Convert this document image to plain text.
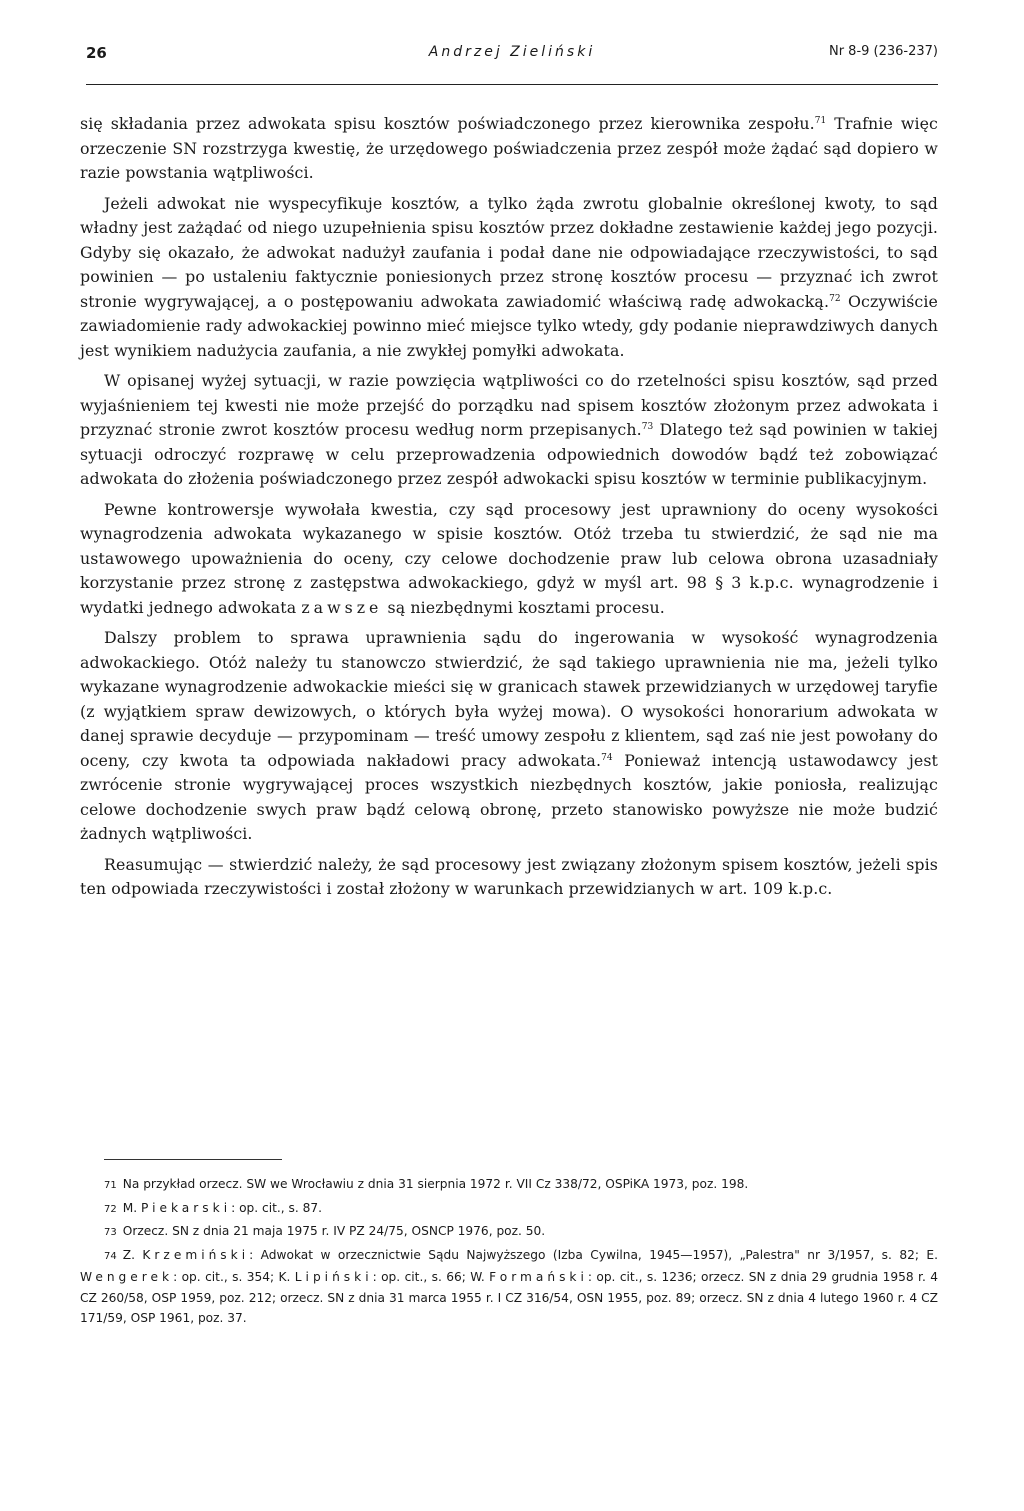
26	Andrzej Zieliński	Nr 8-9 (236-237)

się składania przez adwokata spisu kosztów poświadczonego przez kierownika zespołu.$^{71}$ Trafnie więc orzeczenie SN rozstrzyga kwestię, że urzędowego poświadczenia przez zespół może żądać sąd dopiero w razie powstania wątpliwości.

Jeżeli adwokat nie wyspecyfikuje kosztów, a tylko żąda zwrotu globalnie określonej kwoty, to sąd władny jest zażądać od niego uzupełnienia spisu kosztów przez dokładne zestawienie każdej jego pozycji. Gdyby się okazało, że adwokat nadużył zaufania i podał dane nie odpowiadające rzeczywistości, to sąd powinien — po ustaleniu faktycznie poniesionych przez stronę kosztów procesu — przyznać ich zwrot stronie wygrywającej, a o postępowaniu adwokata zawiadomić właściwą radę adwokacką.$^{72}$ Oczywiście zawiadomienie rady adwokackiej powinno mieć miejsce tylko wtedy, gdy podanie nieprawdziwych danych jest wynikiem nadużycia zaufania, a nie zwykłej pomyłki adwokata.

W opisanej wyżej sytuacji, w razie powzięcia wątpliwości co do rzetelności spisu kosztów, sąd przed wyjaśnieniem tej kwesti nie może przejść do porządku nad spisem kosztów złożonym przez adwokata i przyznać stronie zwrot kosztów procesu według norm przepisanych.$^{73}$ Dlatego też sąd powinien w takiej sytuacji odroczyć rozprawę w celu przeprowadzenia odpowiednich dowodów bądź też zobowiązać adwokata do złożenia poświadczonego przez zespół adwokacki spisu kosztów w terminie publikacyjnym.

Pewne kontrowersje wywołała kwestia, czy sąd procesowy jest uprawniony do oceny wysokości wynagrodzenia adwokata wykazanego w spisie kosztów. Otóż trzeba tu stwierdzić, że sąd nie ma ustawowego upoważnienia do oceny, czy celowe dochodzenie praw lub celowa obrona uzasadniały korzystanie przez stronę z zastępstwa adwokackiego, gdyż w myśl art. 98 § 3 k.p.c. wynagrodzenie i wydatki jednego adwokata zawsze są niezbędnymi kosztami procesu.

Dalszy problem to sprawa uprawnienia sądu do ingerowania w wysokość wynagrodzenia adwokackiego. Otóż należy tu stanowczo stwierdzić, że sąd takiego uprawnienia nie ma, jeżeli tylko wykazane wynagrodzenie adwokackie mieści się w granicach stawek przewidzianych w urzędowej taryfie (z wyjątkiem spraw dewizowych, o których była wyżej mowa). O wysokości honorarium adwokata w danej sprawie decyduje — przypominam — treść umowy zespołu z klientem, sąd zaś nie jest powołany do oceny, czy kwota ta odpowiada nakładowi pracy adwokata.$^{74}$ Ponieważ intencją ustawodawcy jest zwrócenie stronie wygrywającej proces wszystkich niezbędnych kosztów, jakie poniosła, realizując celowe dochodzenie swych praw bądź celową obronę, przeto stanowisko powyższe nie może budzić żadnych wątpliwości.

Reasumując — stwierdzić należy, że sąd procesowy jest związany złożonym spisem kosztów, jeżeli spis ten odpowiada rzeczywistości i został złożony w warunkach przewidzianych w art. 109 k.p.c.

71 Na przykład orzecz. SW we Wrocławiu z dnia 31 sierpnia 1972 r. VII Cz 338/72, OSPiKA 1973, poz. 198.
72 M. Piekarski: op. cit., s. 87.
73 Orzecz. SN z dnia 21 maja 1975 r. IV PZ 24/75, OSNCP 1976, poz. 50.
74 Z. Krzemiński: Adwokat w orzecznictwie Sądu Najwyższego (Izba Cywilna, 1945—1957), „Palestra" nr 3/1957, s. 82; E. Wengerek: op. cit., s. 354; K. Lipiński: op. cit., s. 66; W. Formański: op. cit., s. 1236; orzecz. SN z dnia 29 grudnia 1958 r. 4 CZ 260/58, OSP 1959, poz. 212; orzecz. SN z dnia 31 marca 1955 r. I CZ 316/54, OSN 1955, poz. 89; orzecz. SN z dnia 4 lutego 1960 r. 4 CZ 171/59, OSP 1961, poz. 37.
